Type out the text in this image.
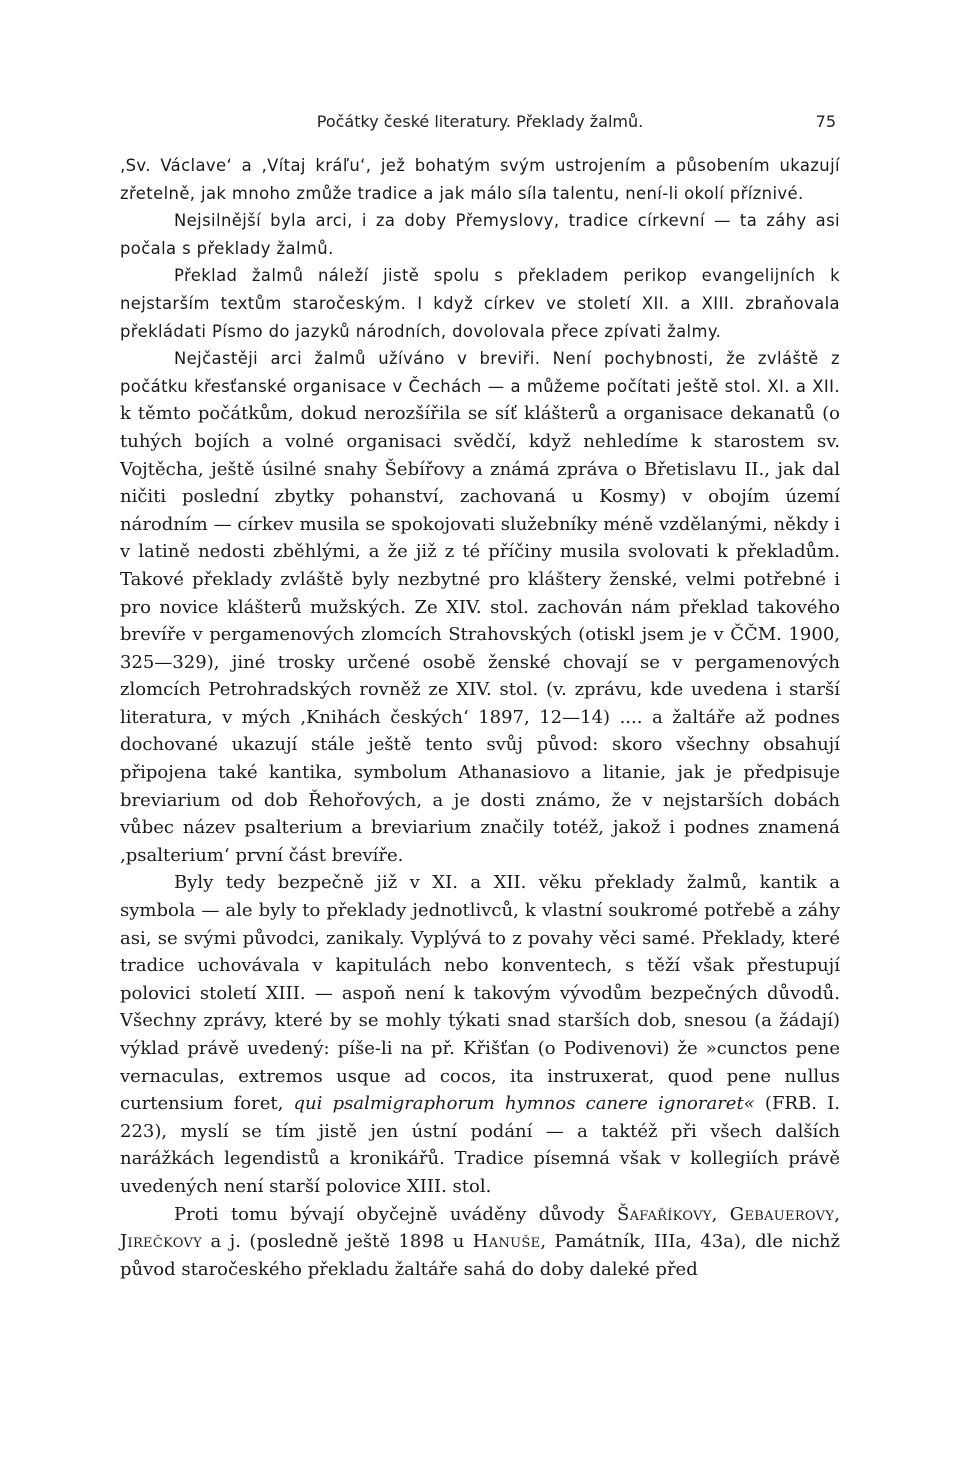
Počátky české literatury. Překlady žalmů.	75

‚Sv. Václave‘ a ‚Vítaj kráľu‘, jež bohatým svým ustrojením a působením ukazují zřetelně, jak mnoho zmůže tradice a jak málo síla talentu, není-li okolí příznivé.

Nejsilnější byla arci, i za doby Přemyslovy, tradice církevní — ta záhy asi počala s překlady žalmů.

Překlad žalmů náleží jistě spolu s překladem perikop evangelijních k nejstarším textům staročeským. I když církev ve století XII. a XIII. zbraňovala překládati Písmo do jazyků národních, dovolovala přece zpívati žalmy.

Nejčastěji arci žalmů užíváno v breviři. Není pochybnosti, že zvláště z počátku křesťanské organisace v Čechách — a můžeme počítati ještě stol. XI. a XII. k těmto počátkům, dokud nerozšířila se síť klášterů a organisace dekanatů (o tuhých bojích a volné organisaci svědčí, když nehledíme k starostem sv. Vojtěcha, ještě úsilné snahy Šebířovy a známá zpráva o Břetislavu II., jak dal ničiti poslední zbytky pohanství, zachovaná u Kosmy) v obojím území národním — církev musila se spokojovati služebníky méně vzdělanými, někdy i v latině nedosti zběhlými, a že již z té příčiny musila svolovati k překladům. Takové překlady zvláště byly nezbytné pro kláštery ženské, velmi potřebné i pro novice klášterů mužských. Ze XIV. stol. zachován nám překlad takového brevíře v pergamenových zlomcích Strahovských (otiskl jsem je v ČČM. 1900, 325—329), jiné trosky určené osobě ženské chovají se v pergamenových zlomcích Petrohradských rovněž ze XIV. stol. (v. zprávu, kde uvedena i starší literatura, v mých ‚Knihách českých‘ 1897, 12—14) .... a žaltáře až podnes dochované ukazují stále ještě tento svůj původ: skoro všechny obsahují připojena také kantika, symbolum Athanasiovo a litanie, jak je předpisuje breviarium od dob Řehořových, a je dosti známo, že v nejstarších dobách vůbec název psalterium a breviarium značily totéž, jakož i podnes znamená ‚psalterium‘ první část brevíře.

Byly tedy bezpečně již v XI. a XII. věku překlady žalmů, kantik a symbola — ale byly to překlady jednotlivců, k vlastní soukromé potřebě a záhy asi, se svými původci, zanikaly. Vyplývá to z povahy věci samé. Překlady, které tradice uchovávala v kapitulách nebo konventech, s těží však přestupují polovici století XIII. — aspoň není k takovým vývodům bezpečných důvodů. Všechny zprávy, které by se mohly týkati snad starších dob, snesou (a žádají) výklad právě uvedený: píše-li na př. Křišťan (o Podivenovi) že »cunctos pene vernaculas, extremos usque ad cocos, ita instruxerat, quod pene nullus curtensium foret, qui psalmigraphorum hymnos canere ignoraret« (FRB. I. 223), myslí se tím jistě jen ústní podání — a taktéž při všech dalších narážkách legendistů a kronikářů. Tradice písemná však v kollegiích právě uvedených není starší polovice XIII. stol.

Proti tomu bývají obyčejně uváděny důvody Šafaříkovy, Gebauerovy, Jirečkovy a j. (posledně ještě 1898 u Hanuše, Památník, IIIa, 43a), dle nichž původ staročeského překladu žaltáře sahá do doby daleké před
